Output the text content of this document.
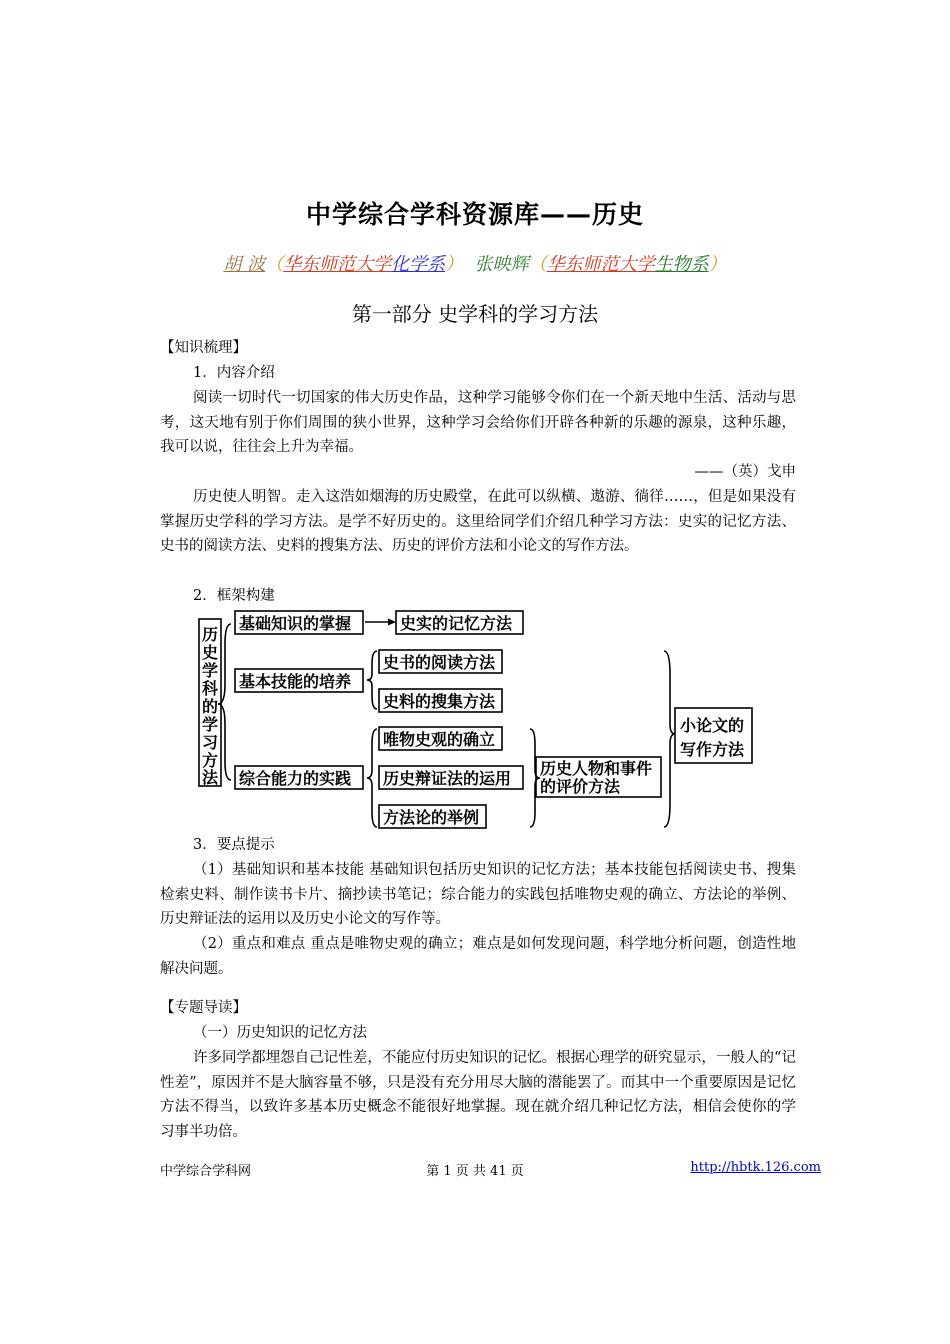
中学综合学科资源库——历史
胡 波（华东师范大学化学系） 张映辉（华东师范大学生物系）
第一部分 史学科的学习方法
【知识梳理】
1．内容介绍
阅读一切时代一切国家的伟大历史作品，这种学习能够令你们在一个新天地中生活、活动与思考，这天地有别于你们周围的狭小世界，这种学习会给你们开辟各种新的乐趣的源泉，这种乐趣，我可以说，往往会上升为幸福。
——（英）戈申
历史使人明智。走入这浩如烟海的历史殿堂，在此可以纵横、遨游、徜徉……，但是如果没有掌握历史学科的学习方法。是学不好历史的。这里给同学们介绍几种学习方法：史实的记忆方法、史书的阅读方法、史料的搜集方法、历史的评价方法和小论文的写作方法。
2．框架构建
历
史
学
科
的
学
习
方
法
基础知识的掌握
基本技能的培养
综合能力的实践
史实的记忆方法
史书的阅读方法
史料的搜集方法
唯物史观的确立
历史辩证法的运用
方法论的举例
历史人物和事件
的评价方法
小论文的
写作方法
3．要点提示
（1）基础知识和基本技能 基础知识包括历史知识的记忆方法；基本技能包括阅读史书、搜集检索史料、制作读书卡片、摘抄读书笔记；综合能力的实践包括唯物史观的确立、方法论的举例、历史辩证法的运用以及历史小论文的写作等。
（2）重点和难点 重点是唯物史观的确立；难点是如何发现问题，科学地分析问题，创造性地解决问题。
【专题导读】
（一）历史知识的记忆方法
许多同学都埋怨自己记性差，不能应付历史知识的记忆。根据心理学的研究显示，一般人的“记性差”，原因并不是大脑容量不够，只是没有充分用尽大脑的潜能罢了。而其中一个重要原因是记忆方法不得当，以致许多基本历史概念不能很好地掌握。现在就介绍几种记忆方法，相信会使你的学习事半功倍。
中学综合学科网	第 1 页 共 41 页	http://hbtk.126.com
